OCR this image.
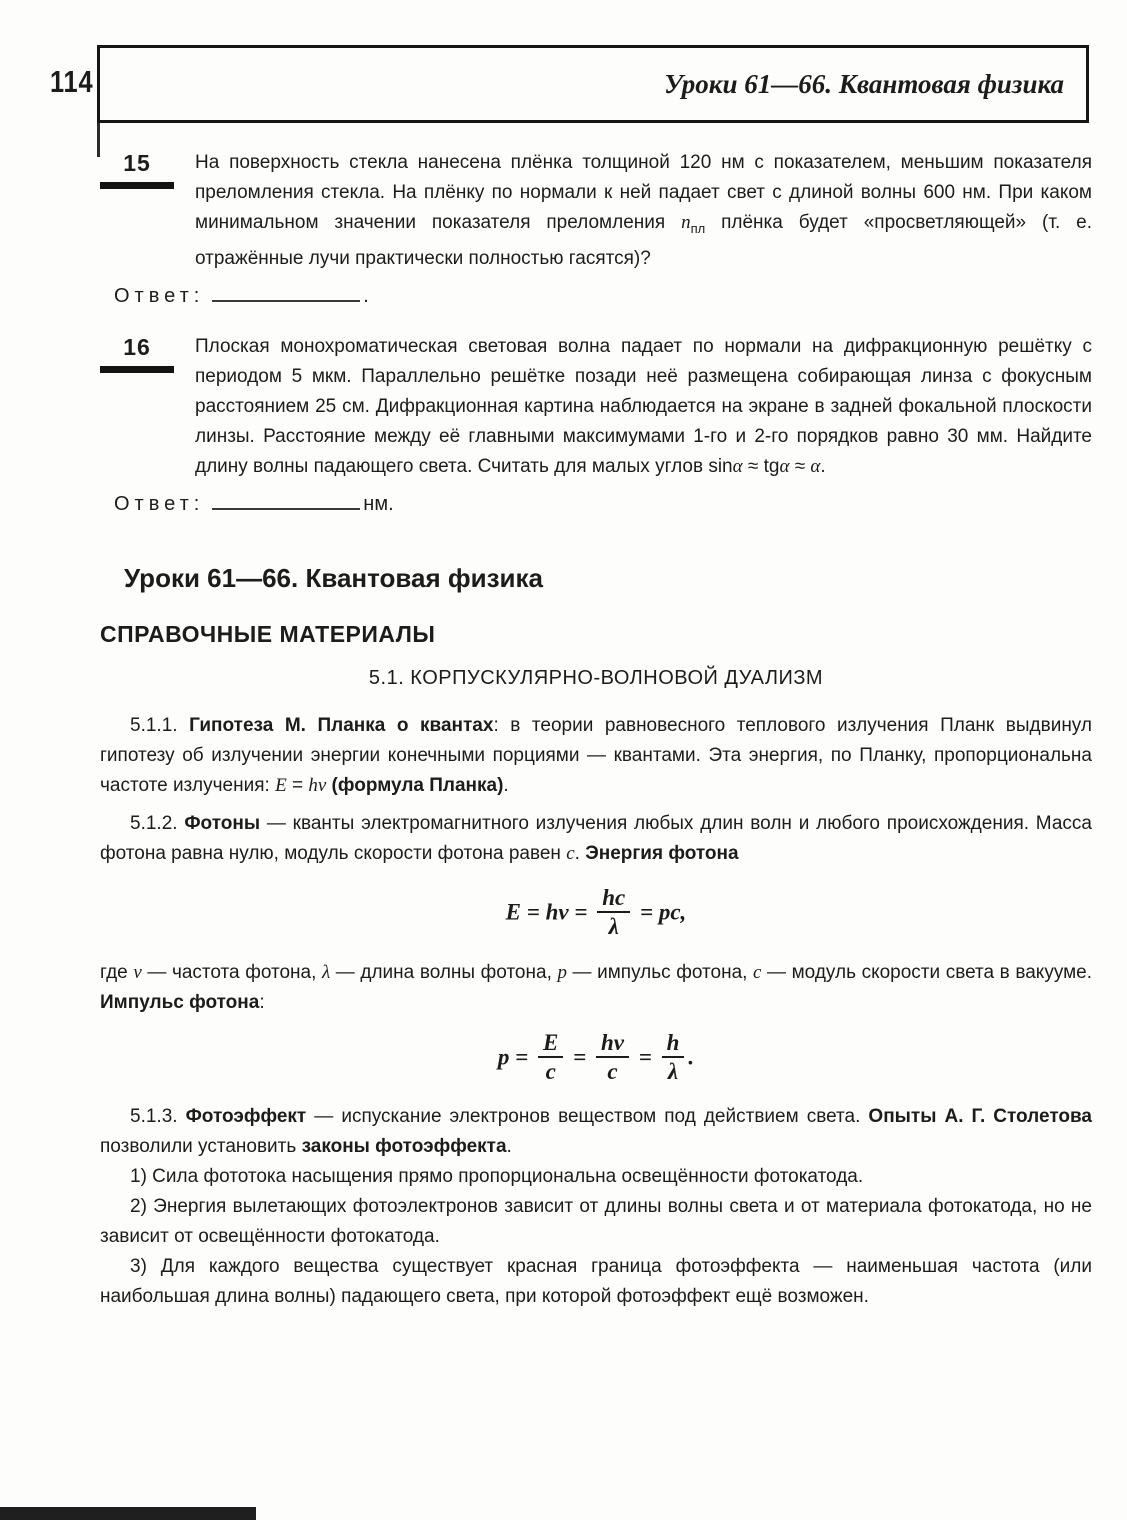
114	Уроки 61—66. Квантовая физика
15	На поверхность стекла нанесена плёнка толщиной 120 нм с показателем, меньшим показателя преломления стекла. На плёнку по нормали к ней падает свет с длиной волны 600 нм. При каком минимальном значении показателя преломления $n_{пл}$ плёнка будет «просветляющей» (т. е. отражённые лучи практически полностью гасятся)?
Ответ:	.
16	Плоская монохроматическая световая волна падает по нормали на дифракционную решётку с периодом 5 мкм. Параллельно решётке позади неё размещена собирающая линза с фокусным расстоянием 25 см. Дифракционная картина наблюдается на экране в задней фокальной плоскости линзы. Расстояние между её главными максимумами 1-го и 2-го порядков равно 30 мм. Найдите длину волны падающего света. Считать для малых углов sinα ≈ tgα ≈ α.
Ответ:	нм.
Уроки 61—66. Квантовая физика
СПРАВОЧНЫЕ МАТЕРИАЛЫ
5.1. КОРПУСКУЛЯРНО-ВОЛНОВОЙ ДУАЛИЗМ

5.1.1. Гипотеза М. Планка о квантах: в теории равновесного теплового излучения Планк выдвинул гипотезу об излучении энергии конечными порциями — квантами. Эта энергия, по Планку, пропорциональна частоте излучения: E = hν (формула Планка).

5.1.2. Фотоны — кванты электромагнитного излучения любых длин волн и любого происхождения. Масса фотона равна нулю, модуль скорости фотона равен c. Энергия фотона

$E = h\nu = \frac{hc}{\lambda}$ = pc,

где ν — частота фотона, λ — длина волны фотона, p — импульс фотона, c — модуль скорости света в вакууме. Импульс фотона:

$p = \frac{E}{c} = \frac{h\nu}{c} = \frac{h}{\lambda}$ .

5.1.3. Фотоэффект — испускание электронов веществом под действием света. Опыты А. Г. Столетова позволили установить законы фотоэффекта.

1) Сила фототока насыщения прямо пропорциональна освещённости фотокатода.

2) Энергия вылетающих фотоэлектронов зависит от длины волны света и от материала фотокатода, но не зависит от освещённости фотокатода.

3) Для каждого вещества существует красная граница фотоэффекта — наименьшая частота (или наибольшая длина волны) падающего света, при которой фотоэффект ещё возможен.
